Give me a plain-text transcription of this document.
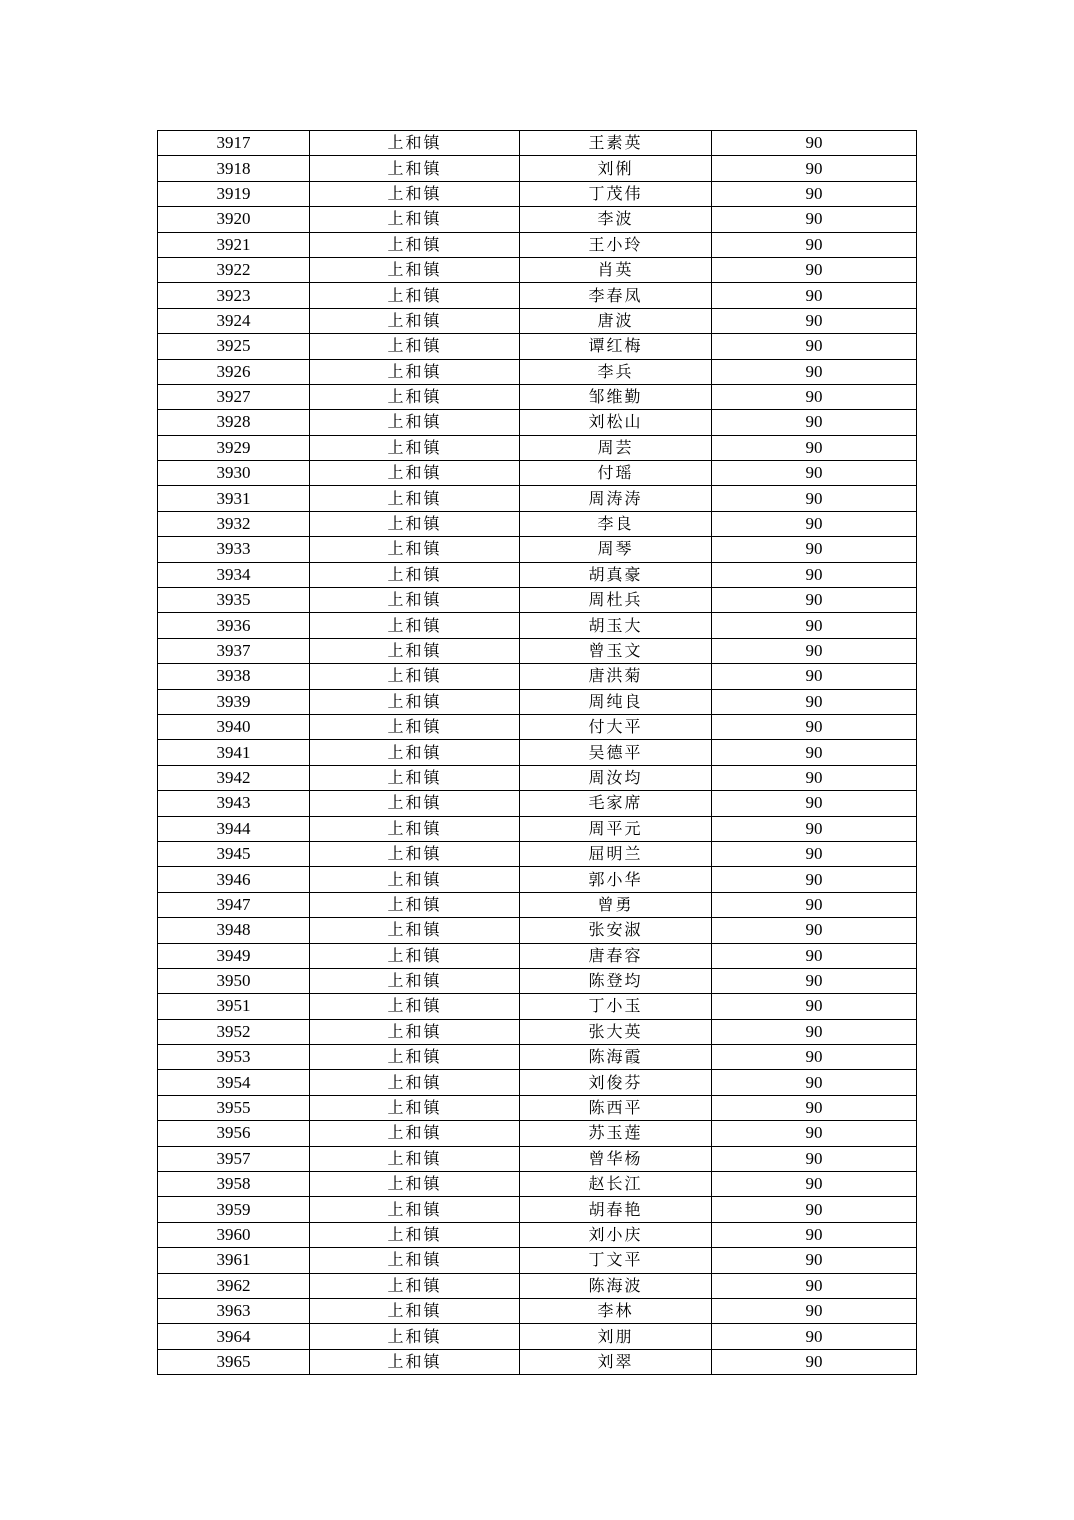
3917	上和镇	王素英	90
3918	上和镇	刘俐	90
3919	上和镇	丁茂伟	90
3920	上和镇	李波	90
3921	上和镇	王小玲	90
3922	上和镇	肖英	90
3923	上和镇	李春凤	90
3924	上和镇	唐波	90
3925	上和镇	谭红梅	90
3926	上和镇	李兵	90
3927	上和镇	邹维勤	90
3928	上和镇	刘松山	90
3929	上和镇	周芸	90
3930	上和镇	付瑶	90
3931	上和镇	周涛涛	90
3932	上和镇	李良	90
3933	上和镇	周琴	90
3934	上和镇	胡真豪	90
3935	上和镇	周杜兵	90
3936	上和镇	胡玉大	90
3937	上和镇	曾玉文	90
3938	上和镇	唐洪菊	90
3939	上和镇	周纯良	90
3940	上和镇	付大平	90
3941	上和镇	吴德平	90
3942	上和镇	周汝均	90
3943	上和镇	毛家席	90
3944	上和镇	周平元	90
3945	上和镇	屈明兰	90
3946	上和镇	郭小华	90
3947	上和镇	曾勇	90
3948	上和镇	张安淑	90
3949	上和镇	唐春容	90
3950	上和镇	陈登均	90
3951	上和镇	丁小玉	90
3952	上和镇	张大英	90
3953	上和镇	陈海霞	90
3954	上和镇	刘俊芬	90
3955	上和镇	陈西平	90
3956	上和镇	苏玉莲	90
3957	上和镇	曾华杨	90
3958	上和镇	赵长江	90
3959	上和镇	胡春艳	90
3960	上和镇	刘小庆	90
3961	上和镇	丁文平	90
3962	上和镇	陈海波	90
3963	上和镇	李林	90
3964	上和镇	刘朋	90
3965	上和镇	刘翠	90
